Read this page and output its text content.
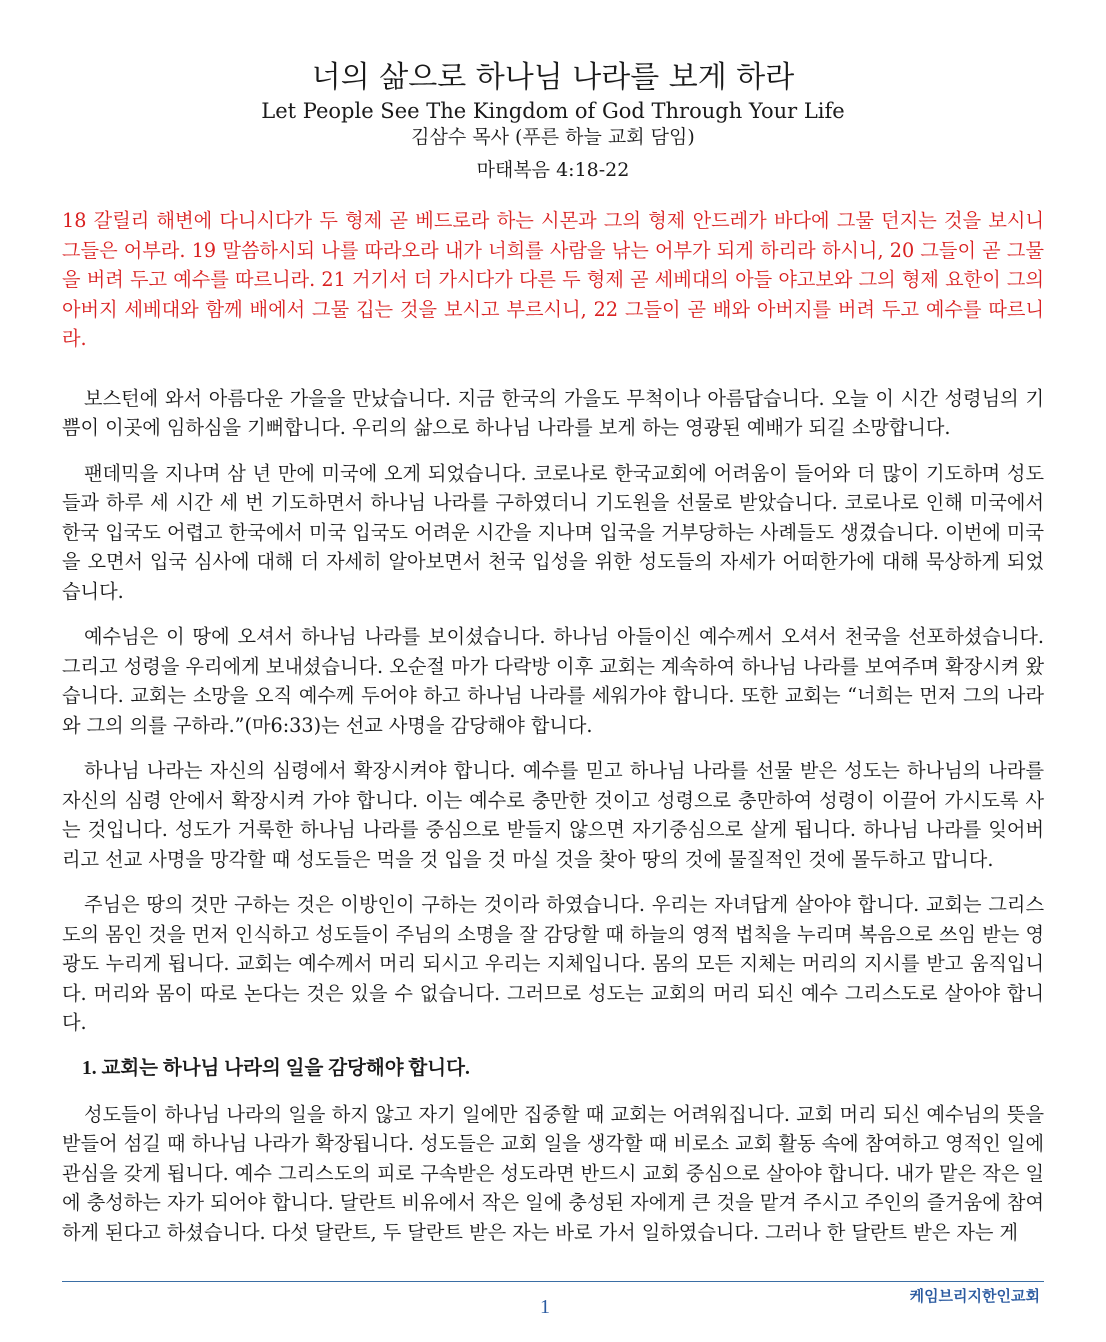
너의 삶으로 하나님 나라를 보게 하라

Let People See The Kingdom of God Through Your Life

김삼수 목사 (푸른 하늘 교회 담임)

마태복음 4:18-22

18 갈릴리 해변에 다니시다가 두 형제 곧 베드로라 하는 시몬과 그의 형제 안드레가 바다에 그물 던지는 것을 보시니 그들은 어부라. 19 말씀하시되 나를 따라오라 내가 너희를 사람을 낚는 어부가 되게 하리라 하시니, 20 그들이 곧 그물을 버려 두고 예수를 따르니라. 21 거기서 더 가시다가 다른 두 형제 곧 세베대의 아들 야고보와 그의 형제 요한이 그의 아버지 세베대와 함께 배에서 그물 깁는 것을 보시고 부르시니, 22 그들이 곧 배와 아버지를 버려 두고 예수를 따르니라.

보스턴에 와서 아름다운 가을을 만났습니다. 지금 한국의 가을도 무척이나 아름답습니다. 오늘 이 시간 성령님의 기쁨이 이곳에 임하심을 기뻐합니다. 우리의 삶으로 하나님 나라를 보게 하는 영광된 예배가 되길 소망합니다.

팬데믹을 지나며 삼 년 만에 미국에 오게 되었습니다. 코로나로 한국교회에 어려움이 들어와 더 많이 기도하며 성도들과 하루 세 시간 세 번 기도하면서 하나님 나라를 구하였더니 기도원을 선물로 받았습니다. 코로나로 인해 미국에서 한국 입국도 어렵고 한국에서 미국 입국도 어려운 시간을 지나며 입국을 거부당하는 사례들도 생겼습니다. 이번에 미국을 오면서 입국 심사에 대해 더 자세히 알아보면서 천국 입성을 위한 성도들의 자세가 어떠한가에 대해 묵상하게 되었습니다.

예수님은 이 땅에 오셔서 하나님 나라를 보이셨습니다. 하나님 아들이신 예수께서 오셔서 천국을 선포하셨습니다. 그리고 성령을 우리에게 보내셨습니다. 오순절 마가 다락방 이후 교회는 계속하여 하나님 나라를 보여주며 확장시켜 왔습니다. 교회는 소망을 오직 예수께 두어야 하고 하나님 나라를 세워가야 합니다. 또한 교회는 “너희는 먼저 그의 나라와 그의 의를 구하라.”(마6:33)는 선교 사명을 감당해야 합니다.

하나님 나라는 자신의 심령에서 확장시켜야 합니다. 예수를 믿고 하나님 나라를 선물 받은 성도는 하나님의 나라를 자신의 심령 안에서 확장시켜 가야 합니다. 이는 예수로 충만한 것이고 성령으로 충만하여 성령이 이끌어 가시도록 사는 것입니다. 성도가 거룩한 하나님 나라를 중심으로 받들지 않으면 자기중심으로 살게 됩니다. 하나님 나라를 잊어버리고 선교 사명을 망각할 때 성도들은 먹을 것 입을 것 마실 것을 찾아 땅의 것에 물질적인 것에 몰두하고 맙니다.

주님은 땅의 것만 구하는 것은 이방인이 구하는 것이라 하였습니다. 우리는 자녀답게 살아야 합니다. 교회는 그리스도의 몸인 것을 먼저 인식하고 성도들이 주님의 소명을 잘 감당할 때 하늘의 영적 법칙을 누리며 복음으로 쓰임 받는 영광도 누리게 됩니다. 교회는 예수께서 머리 되시고 우리는 지체입니다. 몸의 모든 지체는 머리의 지시를 받고 움직입니다. 머리와 몸이 따로 논다는 것은 있을 수 없습니다. 그러므로 성도는 교회의 머리 되신 예수 그리스도로 살아야 합니다.

1. 교회는 하나님 나라의 일을 감당해야 합니다.

성도들이 하나님 나라의 일을 하지 않고 자기 일에만 집중할 때 교회는 어려워집니다. 교회 머리 되신 예수님의 뜻을 받들어 섬길 때 하나님 나라가 확장됩니다. 성도들은 교회 일을 생각할 때 비로소 교회 활동 속에 참여하고 영적인 일에 관심을 갖게 됩니다. 예수 그리스도의 피로 구속받은 성도라면 반드시 교회 중심으로 살아야 합니다. 내가 맡은 작은 일에 충성하는 자가 되어야 합니다. 달란트 비유에서 작은 일에 충성된 자에게 큰 것을 맡겨 주시고 주인의 즐거움에 참여하게 된다고 하셨습니다. 다섯 달란트, 두 달란트 받은 자는 바로 가서 일하였습니다. 그러나 한 달란트 받은 자는 게

1	케임브리지한인교회
